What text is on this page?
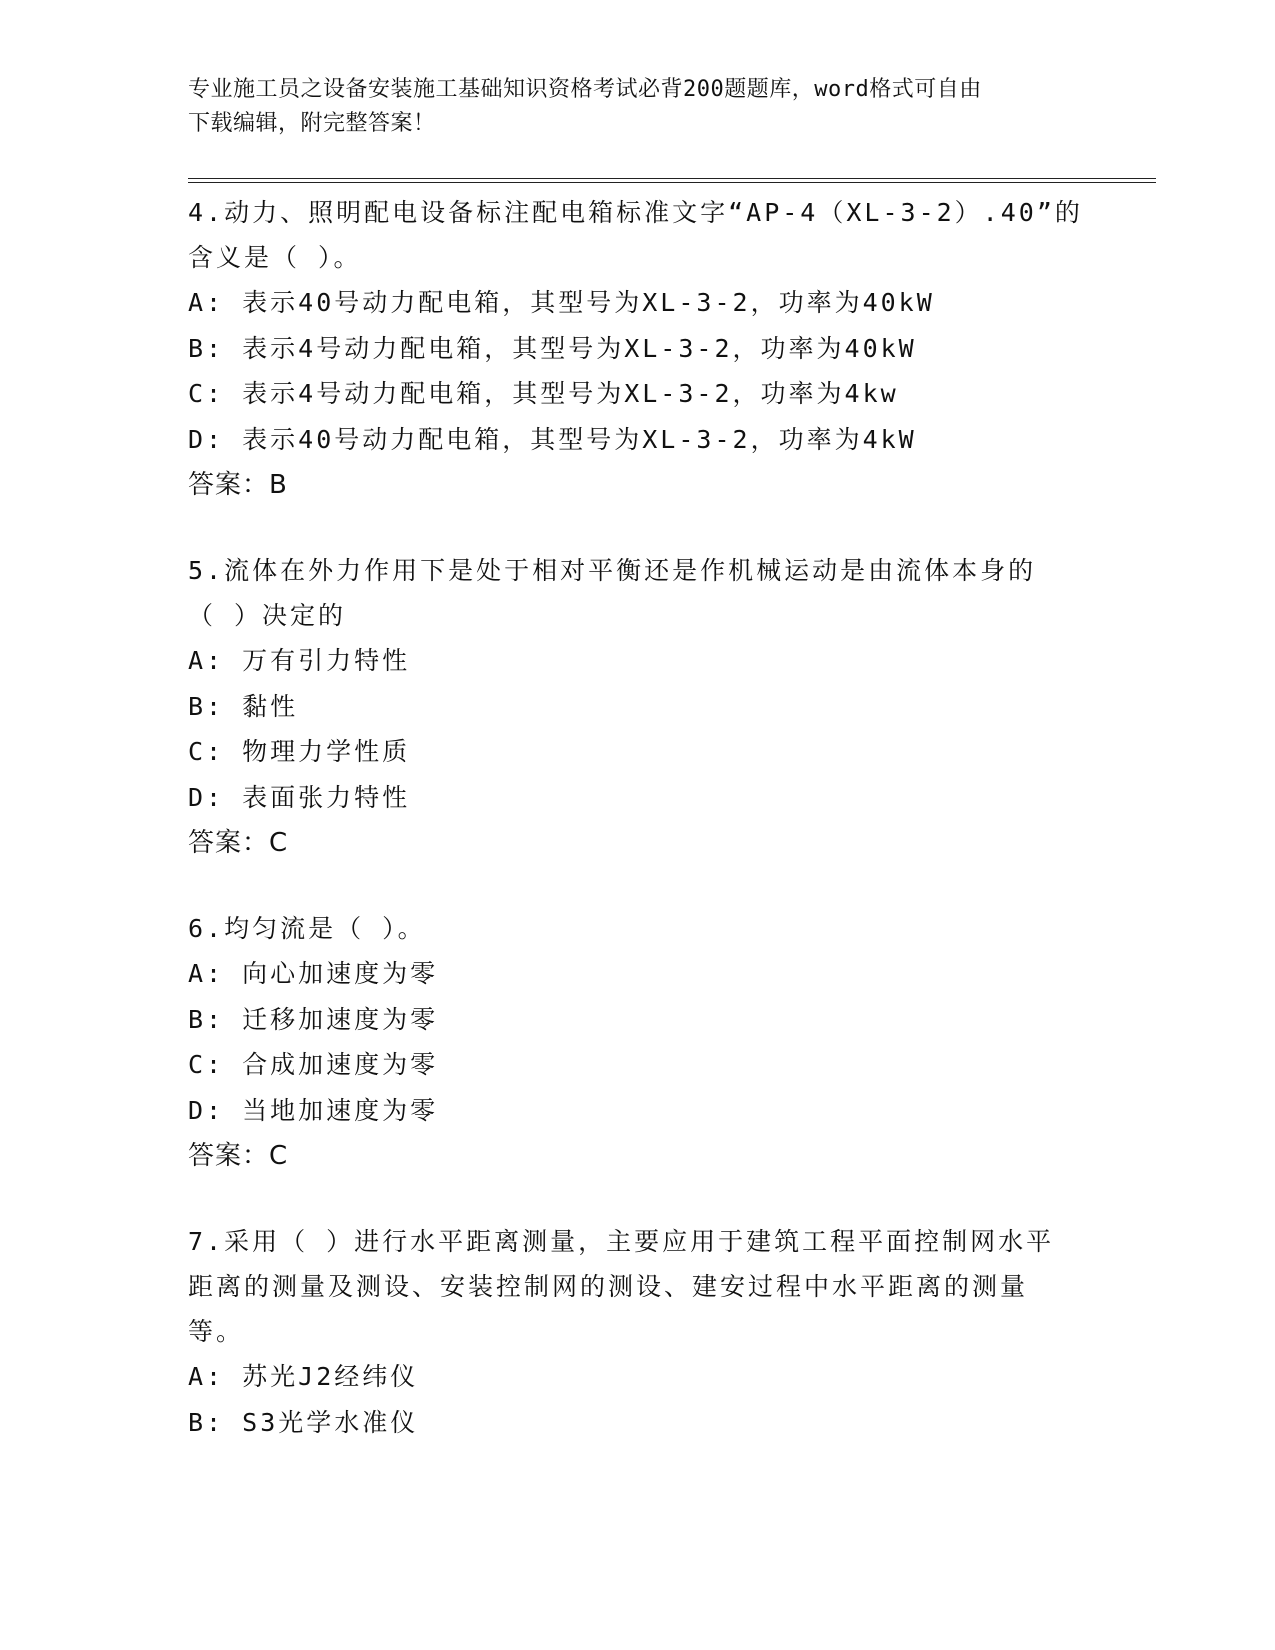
专业施工员之设备安装施工基础知识资格考试必背200题题库，word格式可自由
下载编辑，附完整答案！
4.动力、照明配电设备标注配电箱标准文字“AP-4（XL-3-2）.40”的
含义是（ ）。
A: 表示40号动力配电箱，其型号为XL-3-2，功率为40kW
B: 表示4号动力配电箱，其型号为XL-3-2，功率为40kW
C: 表示4号动力配电箱，其型号为XL-3-2，功率为4kw
D: 表示40号动力配电箱，其型号为XL-3-2，功率为4kW
答案：B
5.流体在外力作用下是处于相对平衡还是作机械运动是由流体本身的
（ ）决定的
A: 万有引力特性
B: 黏性
C: 物理力学性质
D: 表面张力特性
答案：C
6.均匀流是（ ）。
A: 向心加速度为零
B: 迁移加速度为零
C: 合成加速度为零
D: 当地加速度为零
答案：C
7.采用（ ）进行水平距离测量，主要应用于建筑工程平面控制网水平
距离的测量及测设、安装控制网的测设、建安过程中水平距离的测量
等。
A: 苏光J2经纬仪
B: S3光学水准仪
